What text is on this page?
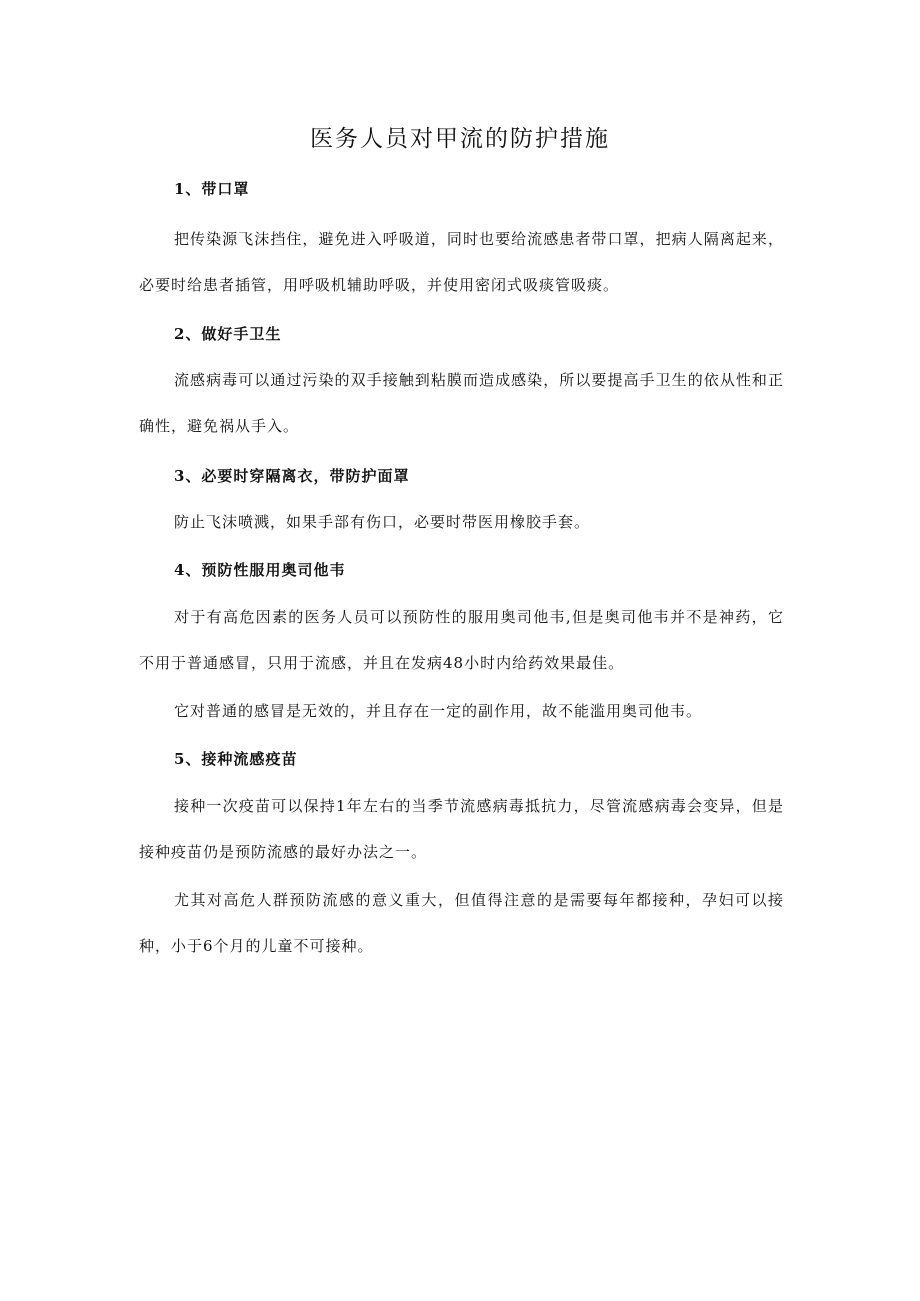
医务人员对甲流的防护措施
1、带口罩

把传染源飞沫挡住，避免进入呼吸道，同时也要给流感患者带口罩，把病人隔离起来，必要时给患者插管，用呼吸机辅助呼吸，并使用密闭式吸痰管吸痰。

2、做好手卫生

流感病毒可以通过污染的双手接触到粘膜而造成感染，所以要提高手卫生的依从性和正确性，避免祸从手入。

3、必要时穿隔离衣，带防护面罩

防止飞沫喷溅，如果手部有伤口，必要时带医用橡胶手套。

4、预防性服用奥司他韦

对于有高危因素的医务人员可以预防性的服用奥司他韦,但是奥司他韦并不是神药，它不用于普通感冒，只用于流感，并且在发病48小时内给药效果最佳。

它对普通的感冒是无效的，并且存在一定的副作用，故不能滥用奥司他韦。

5、接种流感疫苗

接种一次疫苗可以保持1年左右的当季节流感病毒抵抗力，尽管流感病毒会变异，但是接种疫苗仍是预防流感的最好办法之一。

尤其对高危人群预防流感的意义重大，但值得注意的是需要每年都接种，孕妇可以接种，小于6个月的儿童不可接种。
